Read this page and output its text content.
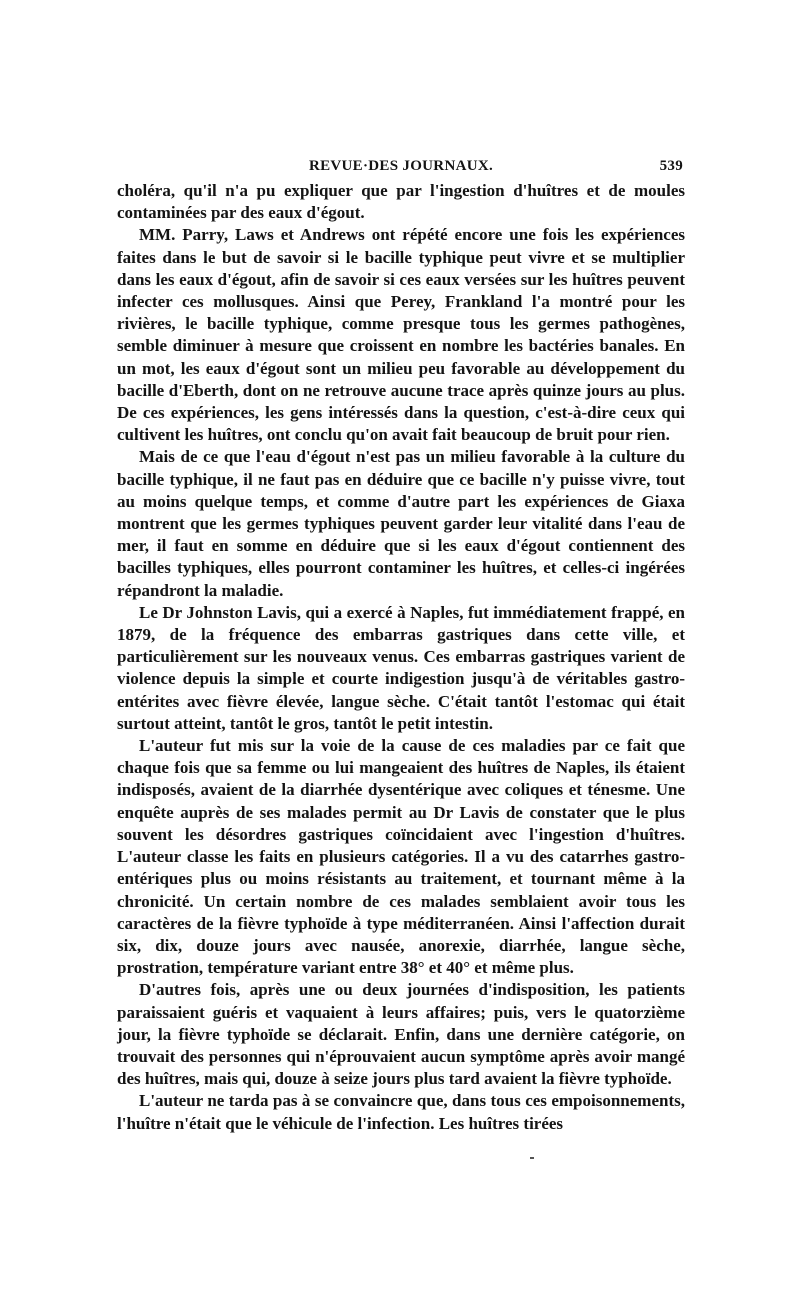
REVUE·DES JOURNAUX.	539

choléra, qu'il n'a pu expliquer que par l'ingestion d'huîtres et de moules contaminées par des eaux d'égout.

MM. Parry, Laws et Andrews ont répété encore une fois les expériences faites dans le but de savoir si le bacille typhique peut vivre et se multiplier dans les eaux d'égout, afin de savoir si ces eaux versées sur les huîtres peuvent infecter ces mollusques. Ainsi que Perey, Frankland l'a montré pour les rivières, le bacille typhique, comme presque tous les germes pathogènes, semble diminuer à mesure que croissent en nombre les bactéries banales. En un mot, les eaux d'égout sont un milieu peu favorable au développement du bacille d'Eberth, dont on ne retrouve aucune trace après quinze jours au plus. De ces expériences, les gens intéressés dans la question, c'est-à-dire ceux qui cultivent les huîtres, ont conclu qu'on avait fait beaucoup de bruit pour rien.

Mais de ce que l'eau d'égout n'est pas un milieu favorable à la culture du bacille typhique, il ne faut pas en déduire que ce bacille n'y puisse vivre, tout au moins quelque temps, et comme d'autre part les expériences de Giaxa montrent que les germes typhiques peuvent garder leur vitalité dans l'eau de mer, il faut en somme en déduire que si les eaux d'égout contiennent des bacilles typhiques, elles pourront contaminer les huîtres, et celles-ci ingérées répandront la maladie.

Le Dr Johnston Lavis, qui a exercé à Naples, fut immédiatement frappé, en 1879, de la fréquence des embarras gastriques dans cette ville, et particulièrement sur les nouveaux venus. Ces embarras gastriques varient de violence depuis la simple et courte indigestion jusqu'à de véritables gastro-entérites avec fièvre élevée, langue sèche. C'était tantôt l'estomac qui était surtout atteint, tantôt le gros, tantôt le petit intestin.

L'auteur fut mis sur la voie de la cause de ces maladies par ce fait que chaque fois que sa femme ou lui mangeaient des huîtres de Naples, ils étaient indisposés, avaient de la diarrhée dysentérique avec coliques et ténesme. Une enquête auprès de ses malades permit au Dr Lavis de constater que le plus souvent les désordres gastriques coïncidaient avec l'ingestion d'huîtres. L'auteur classe les faits en plusieurs catégories. Il a vu des catarrhes gastro-entériques plus ou moins résistants au traitement, et tournant même à la chronicité. Un certain nombre de ces malades semblaient avoir tous les caractères de la fièvre typhoïde à type méditerranéen. Ainsi l'affection durait six, dix, douze jours avec nausée, anorexie, diarrhée, langue sèche, prostration, température variant entre 38° et 40° et même plus.

D'autres fois, après une ou deux journées d'indisposition, les patients paraissaient guéris et vaquaient à leurs affaires; puis, vers le quatorzième jour, la fièvre typhoïde se déclarait. Enfin, dans une dernière catégorie, on trouvait des personnes qui n'éprouvaient aucun symptôme après avoir mangé des huîtres, mais qui, douze à seize jours plus tard avaient la fièvre typhoïde.

L'auteur ne tarda pas à se convaincre que, dans tous ces empoisonnements, l'huître n'était que le véhicule de l'infection. Les huîtres tirées
